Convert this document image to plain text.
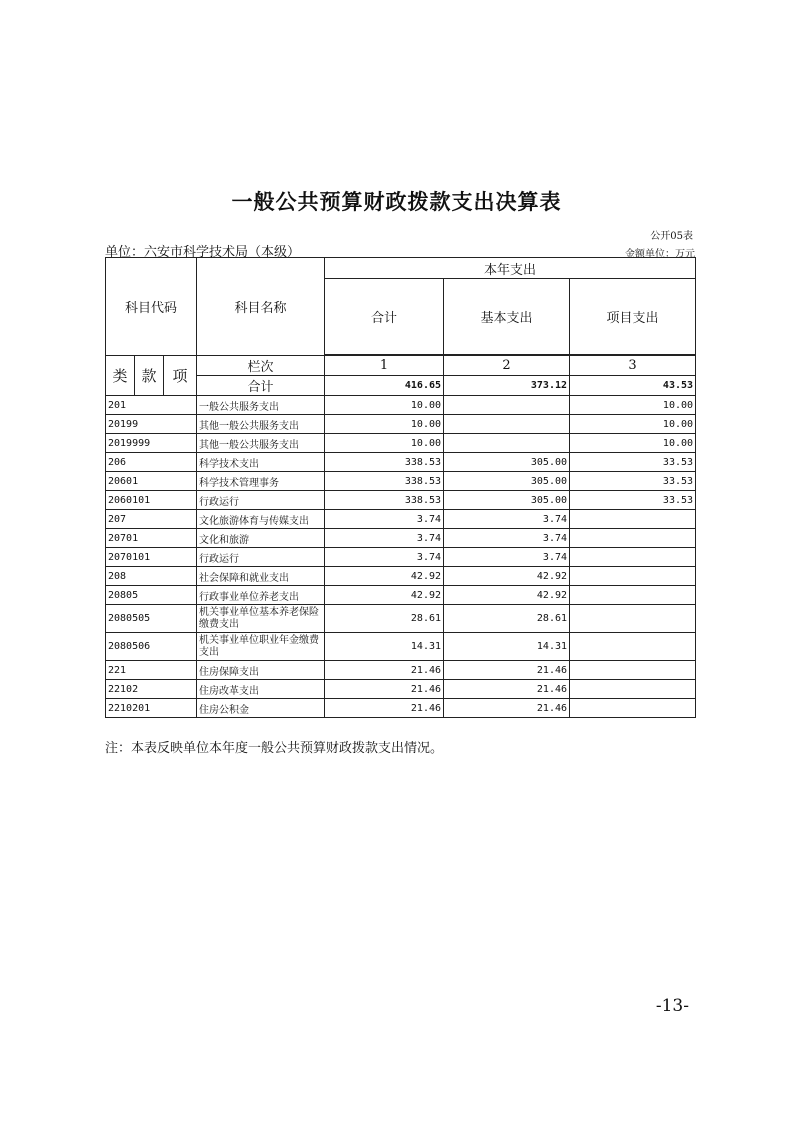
一般公共预算财政拨款支出决算表
公开05表
单位：六安市科学技术局（本级）	金额单位：万元
科目代码			科目名称	本年支出		
				合计	基本支出	项目支出

类	款	项	栏次	1	2	3
			合计	416.65	373.12	43.53
201			一般公共服务支出	10.00		10.00
20199			其他一般公共服务支出	10.00		10.00
2019999			其他一般公共服务支出	10.00		10.00
206			科学技术支出	338.53	305.00	33.53
20601			科学技术管理事务	338.53	305.00	33.53
2060101			行政运行	338.53	305.00	33.53
207			文化旅游体育与传媒支出	3.74	3.74	
20701			文化和旅游	3.74	3.74	
2070101			行政运行	3.74	3.74	
208			社会保障和就业支出	42.92	42.92	
20805			行政事业单位养老支出	42.92	42.92	
2080505			机关事业单位基本养老保险缴费支出	28.61	28.61	
2080506			机关事业单位职业年金缴费支出	14.31	14.31	
221			住房保障支出	21.46	21.46	
22102			住房改革支出	21.46	21.46	
2210201			住房公积金	21.46	21.46	
注：本表反映单位本年度一般公共预算财政拨款支出情况。
-13-
